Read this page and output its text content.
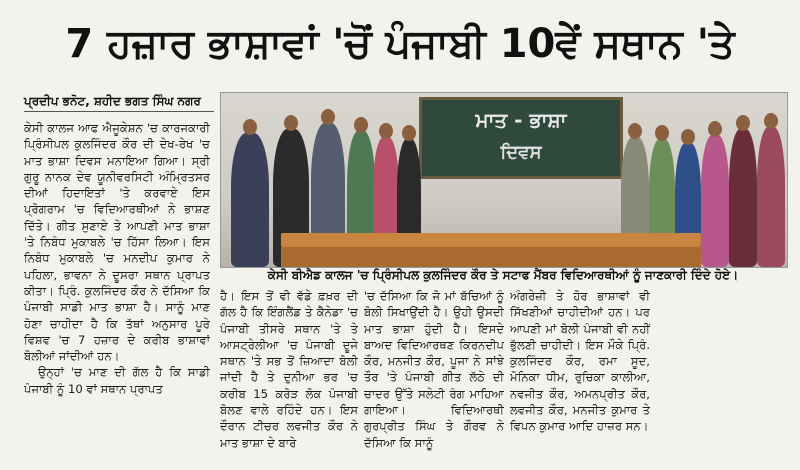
7 ਹਜ਼ਾਰ ਭਾਸ਼ਾਵਾਂ 'ਚੋਂ ਪੰਜਾਬੀ 10ਵੇਂ ਸਥਾਨ 'ਤੇ
ਪ੍ਰਦੀਪ ਭਨੋਟ, ਸ਼ਹੀਦ ਭਗਤ ਸਿੰਘ ਨਗਰ

ਕੇਸੀ ਕਾਲਜ ਆਫ ਐਜੂਕੇਸ਼ਨ 'ਚ ਕਾਰਜਕਾਰੀ ਪ੍ਰਿੰਸੀਪਲ ਕੁਲਜਿੰਦਰ ਕੌਰ ਦੀ ਦੇਖ-ਰੇਖ 'ਚ ਮਾਤ ਭਾਸ਼ਾ ਦਿਵਸ ਮਨਾਇਆ ਗਿਆ। ਸ੍ਰੀ ਗੁਰੂ ਨਾਨਕ ਦੇਵ ਯੂਨੀਵਰਸਿਟੀ ਅੰਮ੍ਰਿਤਸਰ ਦੀਆਂ ਹਿਦਾਇਤਾਂ 'ਤੇ ਕਰਵਾਏ ਇਸ ਪ੍ਰੋਗਰਾਮ 'ਚ ਵਿਦਿਆਰਥੀਆਂ ਨੇ ਭਾਸ਼ਣ ਦਿੱਤੇ। ਗੀਤ ਸੁਣਾਏ ਤੇ ਆਪਣੀ ਮਾਤ ਭਾਸ਼ਾ 'ਤੇ ਨਿਬੰਧ ਮੁਕਾਬਲੇ 'ਚ ਹਿੱਸਾ ਲਿਆ। ਇਸ ਨਿਬੰਧ ਮੁਕਾਬਲੇ 'ਚ ਮਨਦੀਪ ਕੁਮਾਰ ਨੇ ਪਹਿਲਾ, ਭਾਵਨਾ ਨੇ ਦੂਸਰਾ ਸਥਾਨ ਪ੍ਰਾਪਤ ਕੀਤਾ। ਪ੍ਰਿੰ. ਕੁਲਜਿੰਦਰ ਕੌਰ ਨੇ ਦੱਸਿਆ ਕਿ ਪੰਜਾਬੀ ਸਾਡੀ ਮਾਤ ਭਾਸ਼ਾ ਹੈ। ਸਾਨੂੰ ਮਾਣ ਹੋਣਾ ਚਾਹੀਦਾ ਹੈ ਕਿ ਤੱਥਾਂ ਅਨੁਸਾਰ ਪੂਰੇ ਵਿਸ਼ਵ 'ਚ 7 ਹਜ਼ਾਰ ਦੇ ਕਰੀਬ ਭਾਸ਼ਾਵਾਂ ਬੋਲੀਆਂ ਜਾਂਦੀਆਂ ਹਨ।

ਉਨ੍ਹਾਂ 'ਚ ਮਾਣ ਦੀ ਗੱਲ ਹੈ ਕਿ ਸਾਡੀ ਪੰਜਾਬੀ ਨੂੰ 10 ਵਾਂ ਸਥਾਨ ਪ੍ਰਾਪਤ

ਮਾਤ - ਭਾਸ਼ਾ
ਦਿਵਸ
ਕੇਸੀ ਬੀਐਡ ਕਾਲਜ 'ਚ ਪ੍ਰਿੰਸੀਪਲ ਕੁਲਜਿੰਦਰ ਕੌਰ ਤੇ ਸਟਾਫ ਮੈਂਬਰ ਵਿਦਿਆਰਥੀਆਂ ਨੂੰ ਜਾਣਕਾਰੀ ਦਿੰਦੇ ਹੋਏ।

ਹੈ। ਇਸ ਤੋਂ ਵੀ ਵੱਡੇ ਫ਼ਖ਼ਰ ਦੀ ਗੱਲ ਹੈ ਕਿ ਇੰਗਲੈਂਡ ਤੇ ਕੈਨੇਡਾ 'ਚ ਪੰਜਾਬੀ ਤੀਸਰੇ ਸਥਾਨ 'ਤੇ ਤੇ ਆਸਟ੍ਰੇਲੀਆ 'ਚ ਪੰਜਾਬੀ ਦੂਜੇ ਸਥਾਨ 'ਤੇ ਸਭ ਤੋਂ ਜ਼ਿਆਦਾ ਬੋਲੀ ਜਾਂਦੀ ਹੈ ਤੇ ਦੁਨੀਆ ਭਰ 'ਚ ਕਰੀਬ 15 ਕਰੋੜ ਲੋਕ ਪੰਜਾਬੀ ਬੋਲਣ ਵਾਲੇ ਰਹਿੰਦੇ ਹਨ। ਇਸ ਦੌਰਾਨ ਟੀਚਰ ਲਵਜੀਤ ਕੌਰ ਨੇ ਮਾਤ ਭਾਸ਼ਾ ਦੇ ਬਾਰੇ

'ਚ ਦੱਸਿਆ ਕਿ ਜੋ ਮਾਂ ਬੱਚਿਆਂ ਨੂੰ ਬੋਲੀ ਸਿਖਾਉਂਦੀ ਹੈ। ਉਹੀ ਉਸਦੀ ਮਾਤ ਭਾਸ਼ਾ ਹੁੰਦੀ ਹੈ। ਇਸਦੇ ਬਾਅਦ ਵਿਦਿਆਰਥਣ ਕਿਰਨਦੀਪ ਕੌਰ, ਮਨਜੀਤ ਕੌਰ, ਪੂਜਾ ਨੇ ਸਾਂਝੇ ਤੌਰ 'ਤੇ ਪੰਜਾਬੀ ਗੀਤ ਲੱਠੇ ਦੀ ਚਾਦਰ ਉੱਤੇ ਸਲੇਟੀ ਰੰਗ ਮਾਹਿਆ ਗਾਇਆ। ਵਿਦਿਆਰਥੀ ਗੁਰਪ੍ਰੀਤ ਸਿੰਘ ਤੇ ਗੌਰਵ ਨੇ ਦੱਸਿਆ ਕਿ ਸਾਨੂੰ

ਅੰਗਰੇਜ਼ੀ ਤੇ ਹੋਰ ਭਾਸ਼ਾਵਾਂ ਵੀ ਸਿੱਖਣੀਆਂ ਚਾਹੀਦੀਆਂ ਹਨ। ਪਰ ਆਪਣੀ ਮਾਂ ਬੋਲੀ ਪੰਜਾਬੀ ਵੀ ਨਹੀਂ ਭੁੱਲਣੀ ਚਾਹੀਦੀ। ਇਸ ਮੌਕੇ ਪ੍ਰਿੰ. ਕੁਲਜਿੰਦਰ ਕੌਰ, ਰਮਾ ਸੂਦ, ਮੋਨਿਕਾ ਧੀਮ, ਰੁਚਿਕਾ ਕਾਲੀਆ, ਨਵਜੀਤ ਕੌਰ, ਅਮਨਪ੍ਰੀਤ ਕੌਰ, ਲਵਜੀਤ ਕੌਰ, ਮਨਜੀਤ ਕੁਮਾਰ ਤੇ ਵਿਪਨ ਕੁਮਾਰ ਆਦਿ ਹਾਜ਼ਰ ਸਨ।
